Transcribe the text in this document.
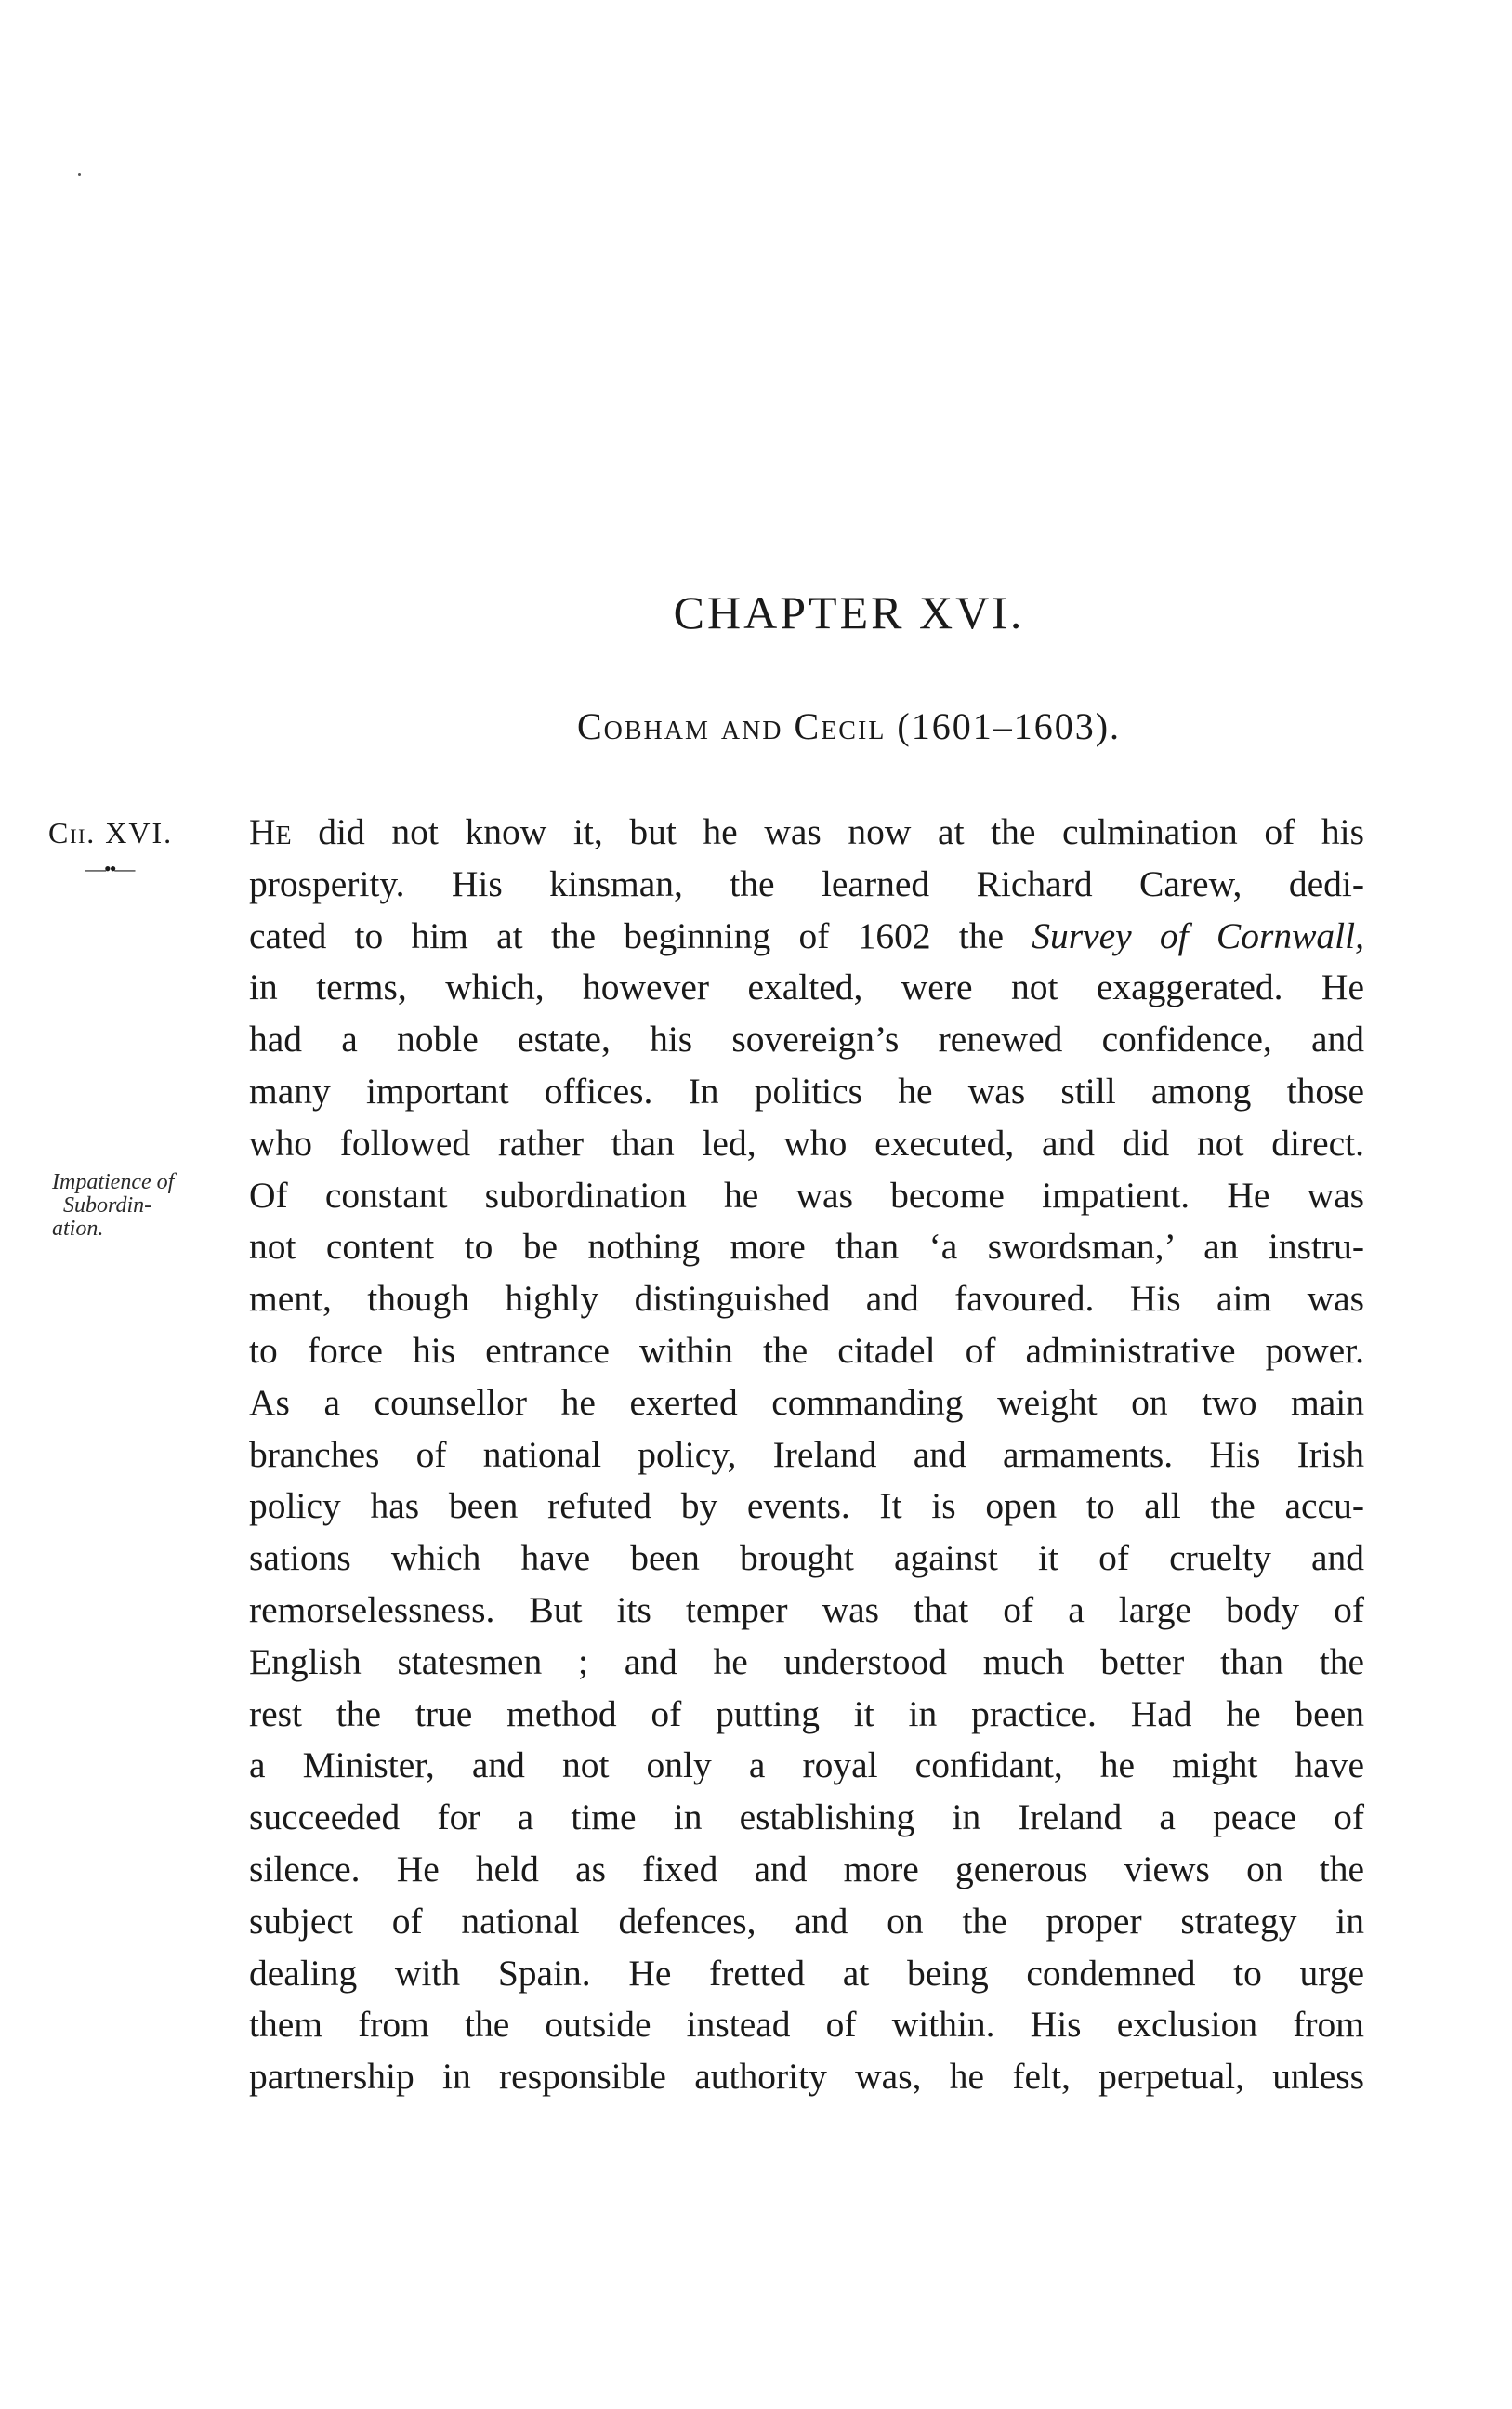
CHAPTER XVI.
Cobham and Cecil (1601–1603).
Ch. XVI.
—••—
Impatience of
Subordin-
ation.
He did not know it, but he was now at the culmination of his
prosperity. His kinsman, the learned Richard Carew, dedi-
cated to him at the beginning of 1602 the Survey of Cornwall,
in terms, which, however exalted, were not exaggerated. He
had a noble estate, his sovereign’s renewed confidence, and
many important offices. In politics he was still among those
who followed rather than led, who executed, and did not direct.
Of constant subordination he was become impatient. He was
not content to be nothing more than ‘a swordsman,’ an instru-
ment, though highly distinguished and favoured. His aim was
to force his entrance within the citadel of administrative power.
As a counsellor he exerted commanding weight on two main
branches of national policy, Ireland and armaments. His Irish
policy has been refuted by events. It is open to all the accu-
sations which have been brought against it of cruelty and
remorselessness. But its temper was that of a large body of
English statesmen ; and he understood much better than the
rest the true method of putting it in practice. Had he been
a Minister, and not only a royal confidant, he might have
succeeded for a time in establishing in Ireland a peace of
silence. He held as fixed and more generous views on the
subject of national defences, and on the proper strategy in
dealing with Spain. He fretted at being condemned to urge
them from the outside instead of within. His exclusion from
partnership in responsible authority was, he felt, perpetual, unless
